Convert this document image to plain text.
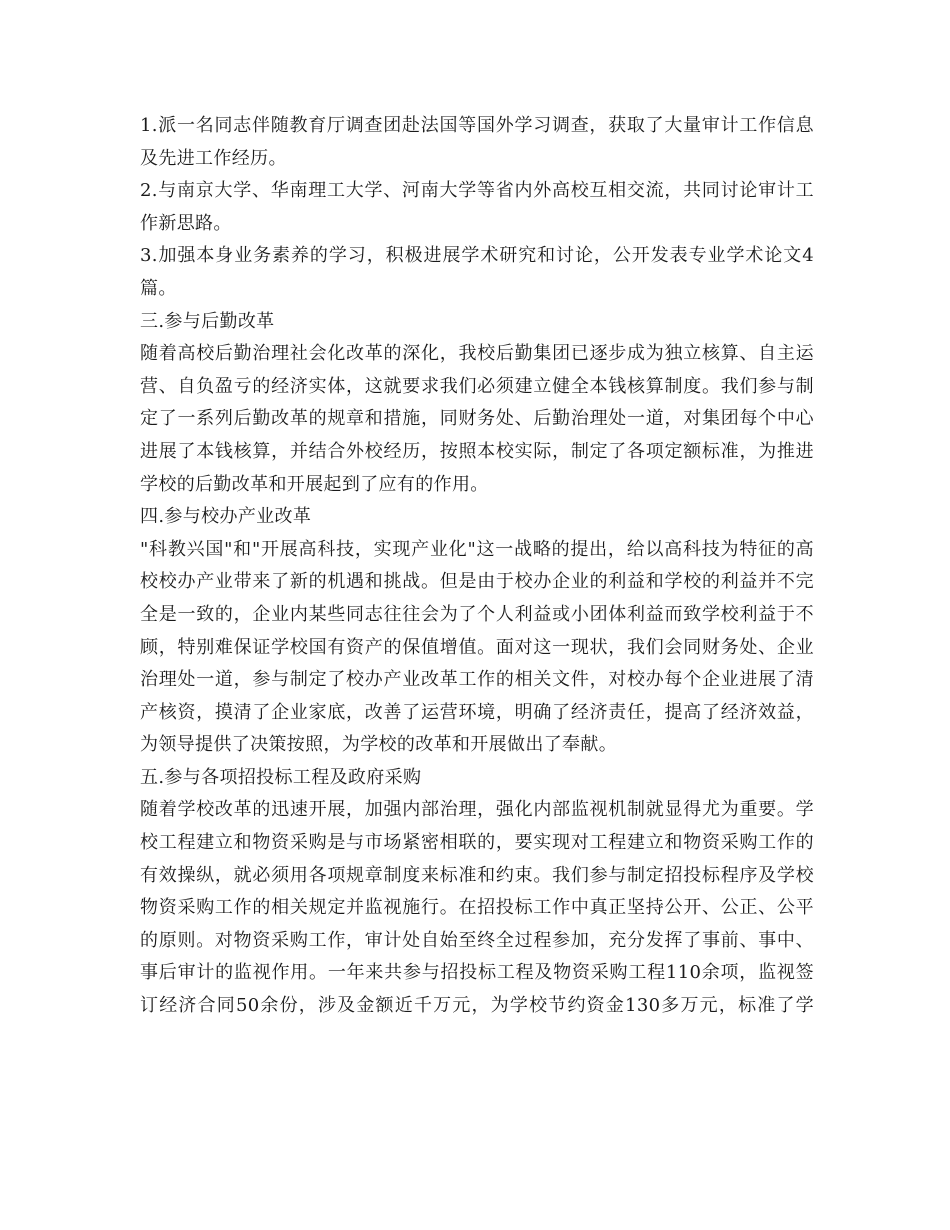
1.派一名同志伴随教育厅调查团赴法国等国外学习调查，获取了大量审计工作信息
及先进工作经历。
2.与南京大学、华南理工大学、河南大学等省内外高校互相交流，共同讨论审计工
作新思路。
3.加强本身业务素养的学习，积极进展学术研究和讨论，公开发表专业学术论文4
篇。
三.参与后勤改革
随着高校后勤治理社会化改革的深化，我校后勤集团已逐步成为独立核算、自主运
营、自负盈亏的经济实体，这就要求我们必须建立健全本钱核算制度。我们参与制
定了一系列后勤改革的规章和措施，同财务处、后勤治理处一道，对集团每个中心
进展了本钱核算，并结合外校经历，按照本校实际，制定了各项定额标准，为推进
学校的后勤改革和开展起到了应有的作用。
四.参与校办产业改革
"科教兴国"和"开展高科技，实现产业化"这一战略的提出，给以高科技为特征的高
校校办产业带来了新的机遇和挑战。但是由于校办企业的利益和学校的利益并不完
全是一致的，企业内某些同志往往会为了个人利益或小团体利益而致学校利益于不
顾，特别难保证学校国有资产的保值增值。面对这一现状，我们会同财务处、企业
治理处一道，参与制定了校办产业改革工作的相关文件，对校办每个企业进展了清
产核资，摸清了企业家底，改善了运营环境，明确了经济责任，提高了经济效益，
为领导提供了决策按照，为学校的改革和开展做出了奉献。
五.参与各项招投标工程及政府采购
随着学校改革的迅速开展，加强内部治理，强化内部监视机制就显得尤为重要。学
校工程建立和物资采购是与市场紧密相联的，要实现对工程建立和物资采购工作的
有效操纵，就必须用各项规章制度来标准和约束。我们参与制定招投标程序及学校
物资采购工作的相关规定并监视施行。在招投标工作中真正坚持公开、公正、公平
的原则。对物资采购工作，审计处自始至终全过程参加，充分发挥了事前、事中、
事后审计的监视作用。一年来共参与招投标工程及物资采购工程110余项，监视签
订经济合同50余份，涉及金额近千万元，为学校节约资金130多万元，标准了学
